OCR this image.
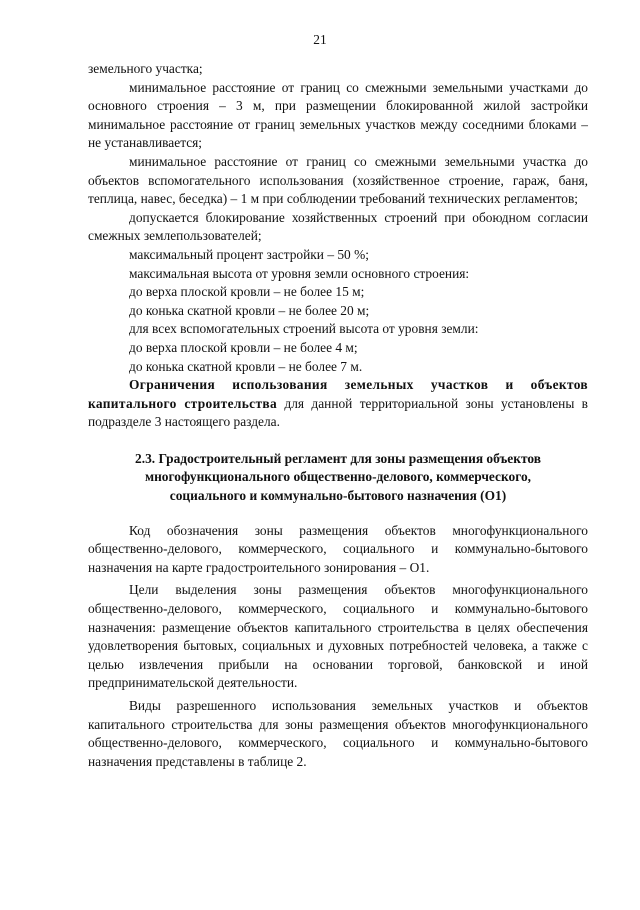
21

земельного участка;

минимальное расстояние от границ со смежными земельными участками до основного строения – 3 м, при размещении блокированной жилой застройки минимальное расстояние от границ земельных участков между соседними блоками – не устанавливается;

минимальное расстояние от границ со смежными земельными участка до объектов вспомогательного использования (хозяйственное строение, гараж, баня, теплица, навес, беседка) – 1 м при соблюдении требований технических регламентов;

допускается блокирование хозяйственных строений при обоюдном согласии смежных землепользователей;

максимальный процент застройки – 50 %;
максимальная высота от уровня земли основного строения:
до верха плоской кровли – не более 15 м;
до конька скатной кровли – не более 20 м;
для всех вспомогательных строений высота от уровня земли:
до верха плоской кровли – не более 4 м;
до конька скатной кровли – не более 7 м.

Ограничения использования земельных участков и объектов капитального строительства для данной территориальной зоны установлены в подразделе 3 настоящего раздела.

2.3. Градостроительный регламент для зоны размещения объектов
многофункционального общественно-делового, коммерческого,
социального и коммунально-бытового назначения (О1)

Код обозначения зоны размещения объектов многофункционального общественно-делового, коммерческого, социального и коммунально-бытового назначения на карте градостроительного зонирования – О1.

Цели выделения зоны размещения объектов многофункционального общественно-делового, коммерческого, социального и коммунально-бытового назначения: размещение объектов капитального строительства в целях обеспечения удовлетворения бытовых, социальных и духовных потребностей человека, а также с целью извлечения прибыли на основании торговой, банковской и иной предпринимательской деятельности.

Виды разрешенного использования земельных участков и объектов капитального строительства для зоны размещения объектов многофункционального общественно-делового, коммерческого, социального и коммунально-бытового назначения представлены в таблице 2.
